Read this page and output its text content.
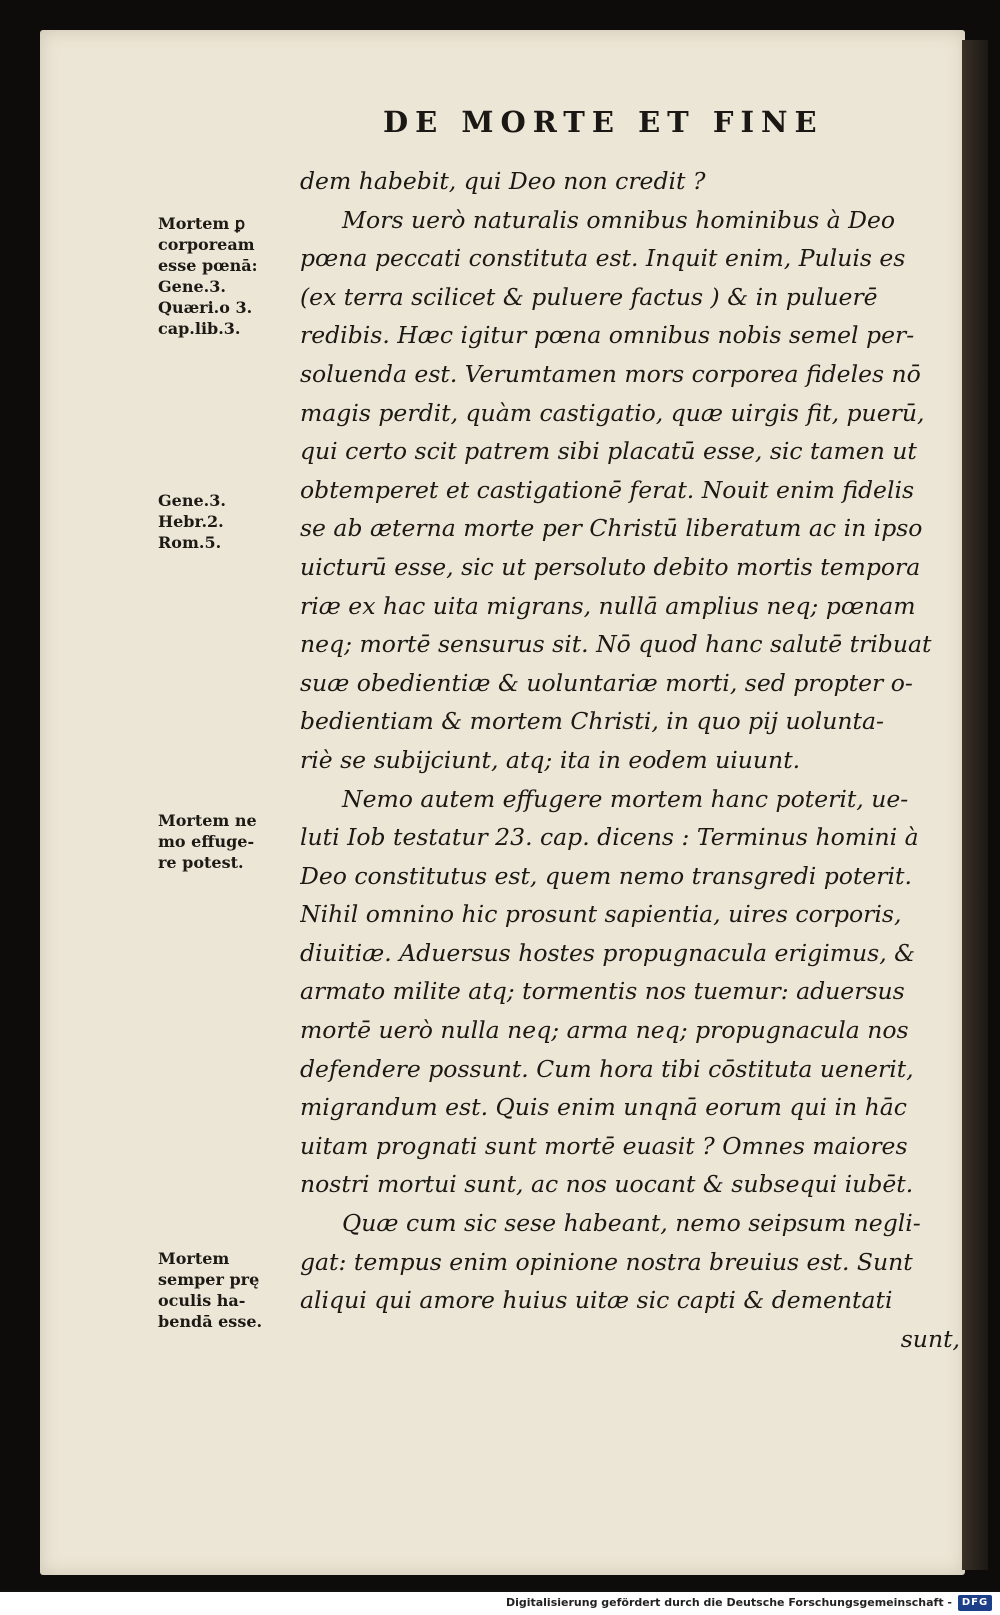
DE MORTE ET FINE
dem habebit, qui Deo non credit ?
Mors uerò naturalis omnibus hominibus à Deo
pœna peccati constituta est. Inquit enim, Puluis es
(ex terra scilicet & puluere factus ) & in puluerē
redibis. Hæc igitur pœna omnibus nobis semel per-
soluenda est. Verumtamen mors corporea fideles nō
magis perdit, quàm castigatio, quæ uirgis fit, puerū,
qui certo scit patrem sibi placatū esse, sic tamen ut
obtemperet et castigationē ferat. Nouit enim fidelis
se ab æterna morte per Christū liberatum ac in ipso
uicturū esse, sic ut persoluto debito mortis tempora
riæ ex hac uita migrans, nullā amplius neq; pœnam
neq; mortē sensurus sit. Nō quod hanc salutē tribuat
suæ obedientiæ & uoluntariæ morti, sed propter o-
bedientiam & mortem Christi, in quo pij uolunta-
riè se subijciunt, atq; ita in eodem uiuunt.
Nemo autem effugere mortem hanc poterit, ue-
luti Iob testatur 23. cap. dicens : Terminus homini à
Deo constitutus est, quem nemo transgredi poterit.
Nihil omnino hic prosunt sapientia, uires corporis,
diuitiæ. Aduersus hostes propugnacula erigimus, &
armato milite atq; tormentis nos tuemur: aduersus
mortē uerò nulla neq; arma neq; propugnacula nos
defendere possunt. Cum hora tibi cōstituta uenerit,
migrandum est. Quis enim unqnā eorum qui in hāc
uitam prognati sunt mortē euasit ? Omnes maiores
nostri mortui sunt, ac nos uocant & subsequi iubēt.
Quæ cum sic sese habeant, nemo seipsum negli-
gat: tempus enim opinione nostra breuius est. Sunt
aliqui qui amore huius uitæ sic capti & dementati
sunt,
Mortem ꝑ
corpoream
esse pœnā:
Gene.3.
Quæri.o 3.
cap.lib.3.
Gene.3.
Hebr.2.
Rom.5.
Mortem ne
mo effuge-
re potest.
Mortem
semper prę
oculis ha-
bendā esse.
Digitalisierung gefördert durch die Deutsche Forschungsgemeinschaft - DFG
